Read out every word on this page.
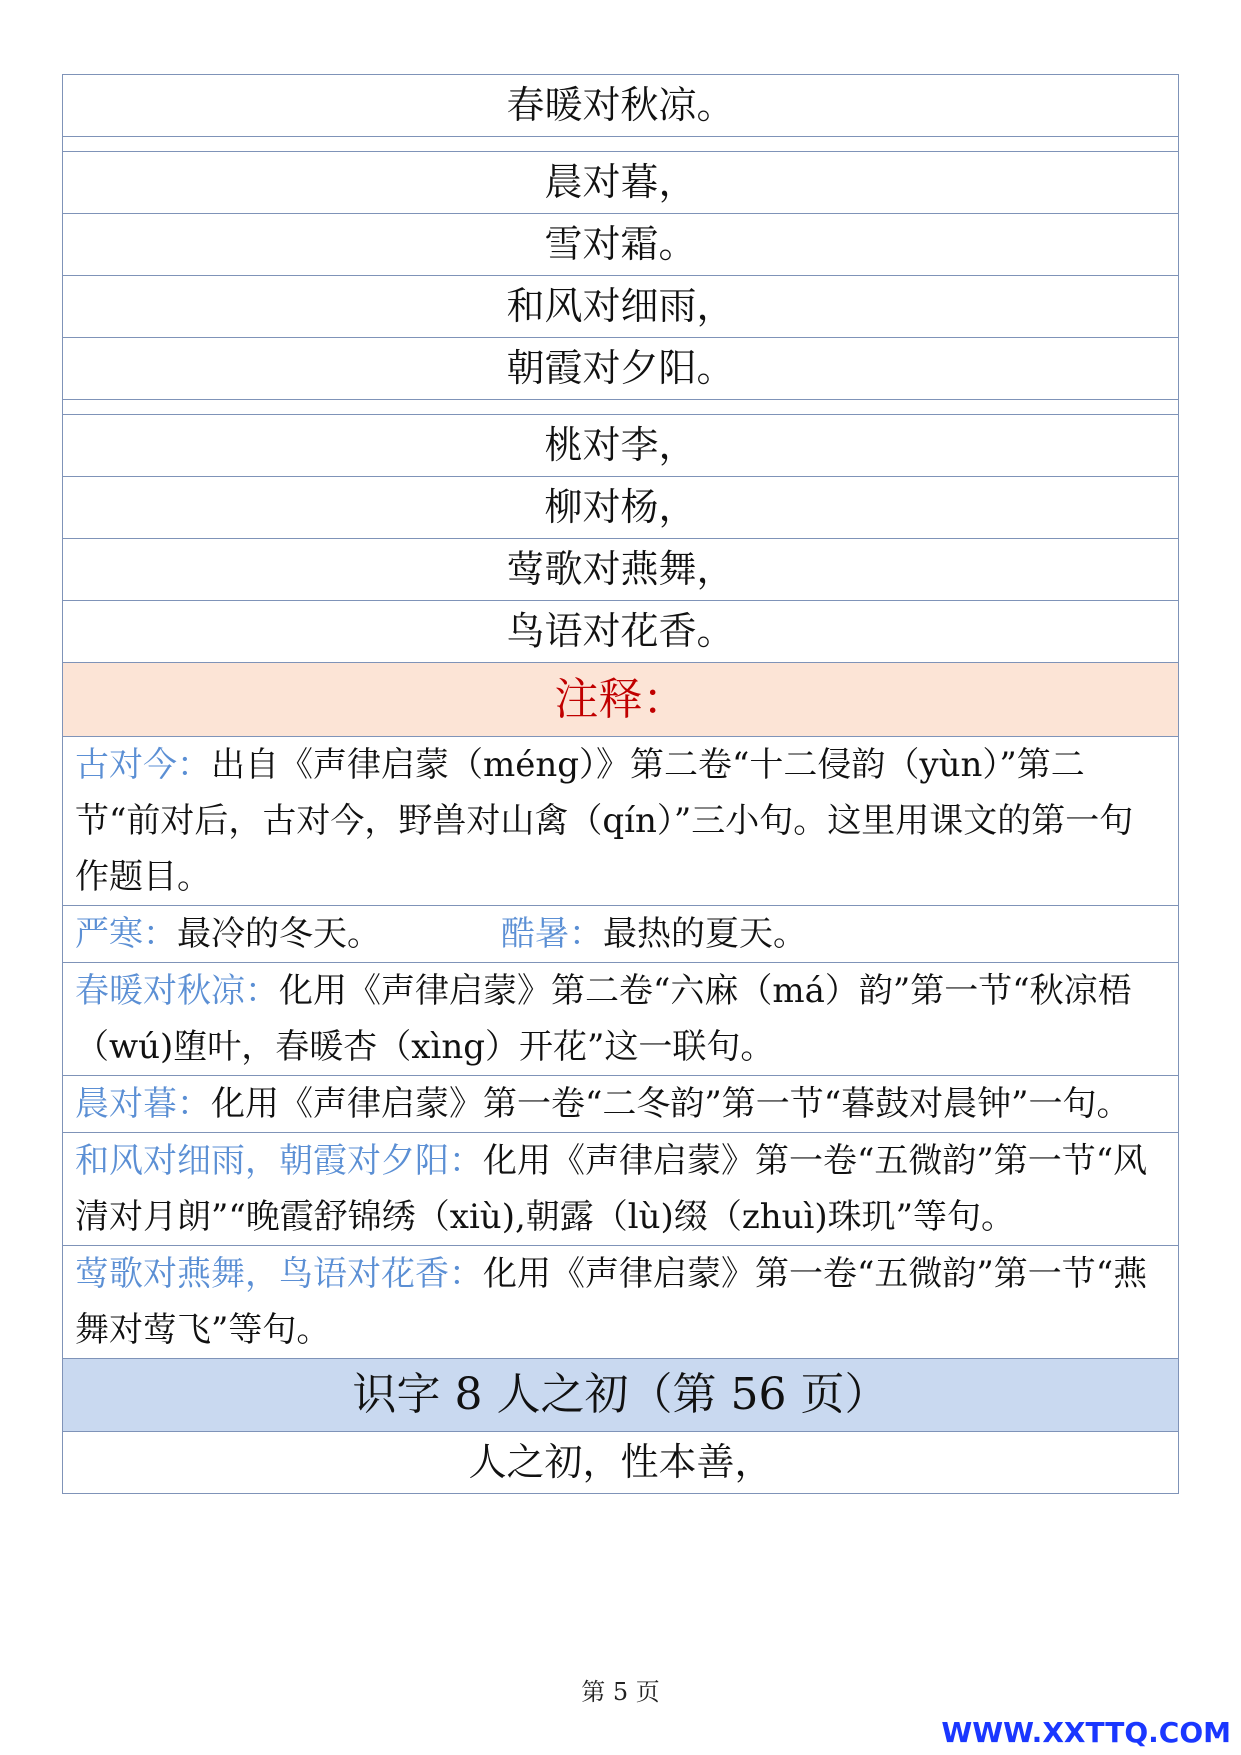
春暖对秋凉。

晨对暮，
雪对霜。
和风对细雨，
朝霞对夕阳。

桃对李，
柳对杨，
莺歌对燕舞，
鸟语对花香。
注释：
古对今：出自《声律启蒙（méng）》第二卷“十二侵韵（yùn）”第二节“前对后，古对今，野兽对山禽（qín）”三小句。这里用课文的第一句作题目。
严寒：最冷的冬天。	酷暑：最热的夏天。
春暖对秋凉：化用《声律启蒙》第二卷“六麻（má）韵”第一节“秋凉梧（wú)堕叶，春暖杏（xìng）开花”这一联句。
晨对暮：化用《声律启蒙》第一卷“二冬韵”第一节“暮鼓对晨钟”一句。
和风对细雨，朝霞对夕阳：化用《声律启蒙》第一卷“五微韵”第一节“风清对月朗”“晚霞舒锦绣（xiù),朝露（lù)缀（zhuì)珠玑”等句。
莺歌对燕舞，鸟语对花香：化用《声律启蒙》第一卷“五微韵”第一节“燕舞对莺飞”等句。
识字 8 人之初（第 56 页）
人之初，性本善，
第 5 页
WWW.XXTTQ.COM
